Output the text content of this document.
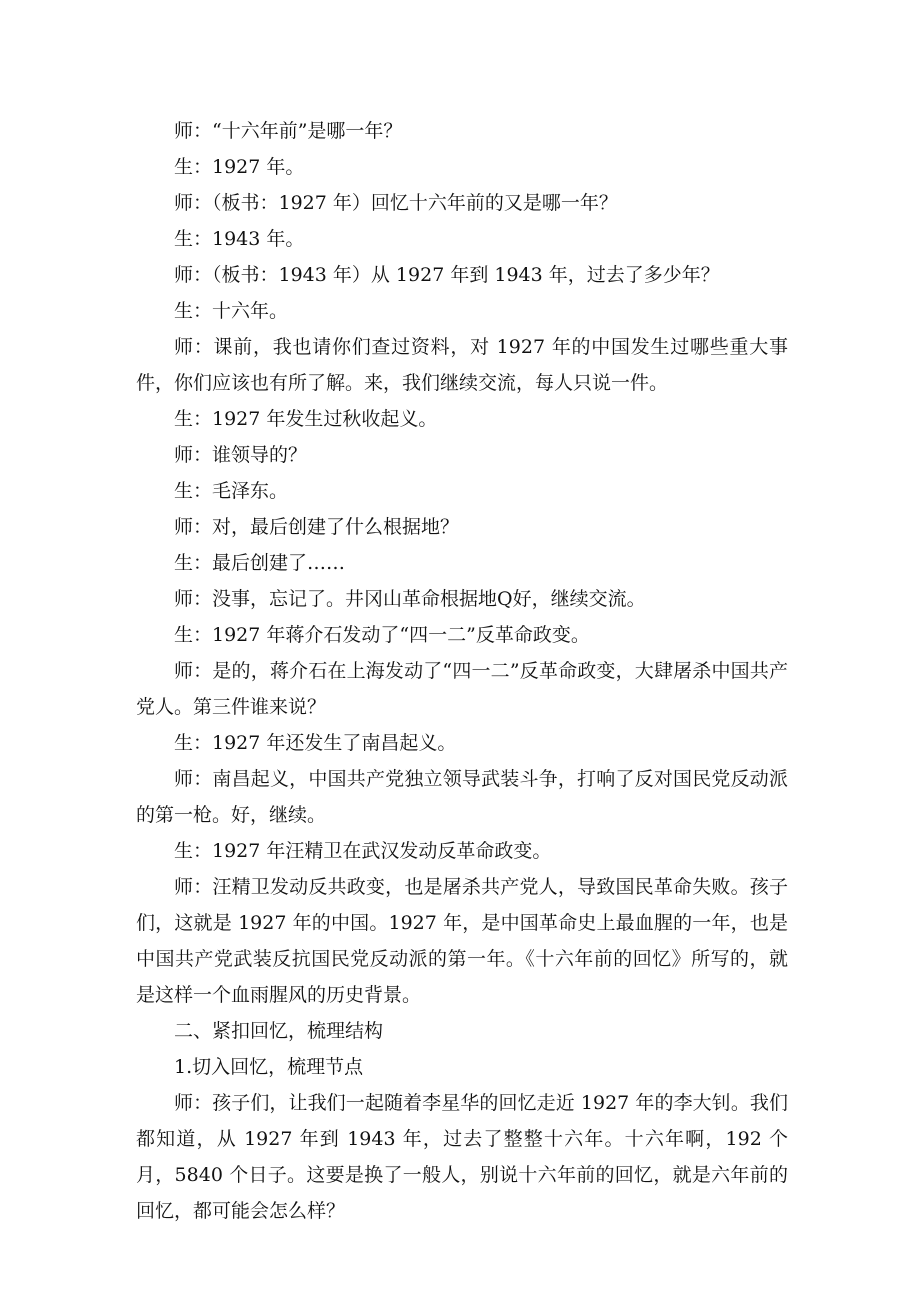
师：“十六年前”是哪一年？

生：1927 年。

师：（板书：1927 年）回忆十六年前的又是哪一年？

生：1943 年。

师：（板书：1943 年）从 1927 年到 1943 年，过去了多少年？

生：十六年。

师：课前，我也请你们查过资料，对 1927 年的中国发生过哪些重大事件，你们应该也有所了解。来，我们继续交流，每人只说一件。

生：1927 年发生过秋收起义。

师：谁领导的？

生：毛泽东。

师：对，最后创建了什么根据地？

生：最后创建了……

师：没事，忘记了。井冈山革命根据地Q好，继续交流。

生：1927 年蒋介石发动了“四一二”反革命政变。

师：是的，蒋介石在上海发动了“四一二”反革命政变，大肆屠杀中国共产党人。第三件谁来说？

生：1927 年还发生了南昌起义。

师：南昌起义，中国共产党独立领导武装斗争，打响了反对国民党反动派的第一枪。好，继续。

生：1927 年汪精卫在武汉发动反革命政变。

师：汪精卫发动反共政变，也是屠杀共产党人，导致国民革命失败。孩子们，这就是 1927 年的中国。1927 年，是中国革命史上最血腥的一年，也是中国共产党武装反抗国民党反动派的第一年。《十六年前的回忆》所写的，就是这样一个血雨腥风的历史背景。

二、紧扣回忆，梳理结构

1.切入回忆，梳理节点

师：孩子们，让我们一起随着李星华的回忆走近 1927 年的李大钊。我们都知道，从 1927 年到 1943 年，过去了整整十六年。十六年啊，192 个月，5840 个日子。这要是换了一般人，别说十六年前的回忆，就是六年前的回忆，都可能会怎么样？
